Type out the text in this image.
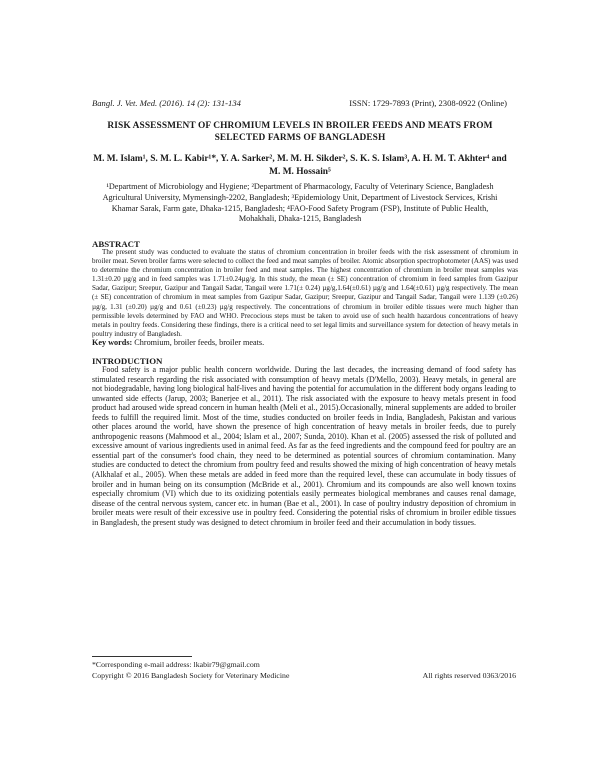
Bangl. J. Vet. Med. (2016). 14 (2): 131-134	ISSN: 1729-7893 (Print), 2308-0922 (Online)
RISK ASSESSMENT OF CHROMIUM LEVELS IN BROILER FEEDS AND MEATS FROM SELECTED FARMS OF BANGLADESH
M. M. Islam¹, S. M. L. Kabir¹*, Y. A. Sarker², M. M. H. Sikder², S. K. S. Islam³, A. H. M. T. Akhter⁴ and M. M. Hossain⁵
¹Department of Microbiology and Hygiene; ²Department of Pharmacology, Faculty of Veterinary Science, Bangladesh Agricultural University, Mymensingh-2202, Bangladesh; ³Epidemiology Unit, Department of Livestock Services, Krishi Khamar Sarak, Farm gate, Dhaka-1215, Bangladesh; ⁴FAO-Food Safety Program (FSP), Institute of Public Health, Mohakhali, Dhaka-1215, Bangladesh
ABSTRACT

The present study was conducted to evaluate the status of chromium concentration in broiler feeds with the risk assessment of chromium in broiler meat. Seven broiler farms were selected to collect the feed and meat samples of broiler. Atomic absorption spectrophotometer (AAS) was used to determine the chromium concentration in broiler feed and meat samples. The highest concentration of chromium in broiler meat samples was 1.31±0.20 µg/g and in feed samples was 1.71±0.24µg/g. In this study, the mean (± SE) concentration of chromium in feed samples from Gazipur Sadar, Gazipur; Sreepur, Gazipur and Tangail Sadar, Tangail were 1.71(± 0.24) µg/g,1.64(±0.61) µg/g and 1.64(±0.61) µg/g respectively. The mean (± SE) concentration of chromium in meat samples from Gazipur Sadar, Gazipur; Sreepur, Gazipur and Tangail Sadar, Tangail were 1.139 (±0.26) µg/g, 1.31 (±0.20) µg/g and 0.61 (±0.23) µg/g respectively. The concentrations of chromium in broiler edible tissues were much higher than permissible levels determined by FAO and WHO. Precocious steps must be taken to avoid use of such health hazardous concentrations of heavy metals in poultry feeds. Considering these findings, there is a critical need to set legal limits and surveillance system for detection of heavy metals in poultry industry of Bangladesh.

Key words: Chromium, broiler feeds, broiler meats.
INTRODUCTION

Food safety is a major public health concern worldwide. During the last decades, the increasing demand of food safety has stimulated research regarding the risk associated with consumption of heavy metals (D'Mello, 2003). Heavy metals, in general are not biodegradable, having long biological half-lives and having the potential for accumulation in the different body organs leading to unwanted side effects (Jarup, 2003; Banerjee et al., 2011). The risk associated with the exposure to heavy metals present in food product had aroused wide spread concern in human health (Meli et al., 2015).Occasionally, mineral supplements are added to broiler feeds to fulfill the required limit. Most of the time, studies conducted on broiler feeds in India, Bangladesh, Pakistan and various other places around the world, have shown the presence of high concentration of heavy metals in broiler feeds, due to purely anthropogenic reasons (Mahmood et al., 2004; Islam et al., 2007; Sunda, 2010). Khan et al. (2005) assessed the risk of polluted and excessive amount of various ingredients used in animal feed. As far as the feed ingredients and the compound feed for poultry are an essential part of the consumer's food chain, they need to be determined as potential sources of chromium contamination. Many studies are conducted to detect the chromium from poultry feed and results showed the mixing of high concentration of heavy metals (Alkhalaf et al., 2005). When these metals are added in feed more than the required level, these can accumulate in body tissues of broiler and in human being on its consumption (McBride et al., 2001). Chromium and its compounds are also well known toxins especially chromium (VI) which due to its oxidizing potentials easily permeates biological membranes and causes renal damage, disease of the central nervous system, cancer etc. in human (Bae et al., 2001). In case of poultry industry deposition of chromium in broiler meats were result of their excessive use in poultry feed. Considering the potential risks of chromium in broiler edible tissues in Bangladesh, the present study was designed to detect chromium in broiler feed and their accumulation in body tissues.

*Corresponding e-mail address: lkabir79@gmail.com
Copyright © 2016 Bangladesh Society for Veterinary Medicine	All rights reserved 0363/2016
